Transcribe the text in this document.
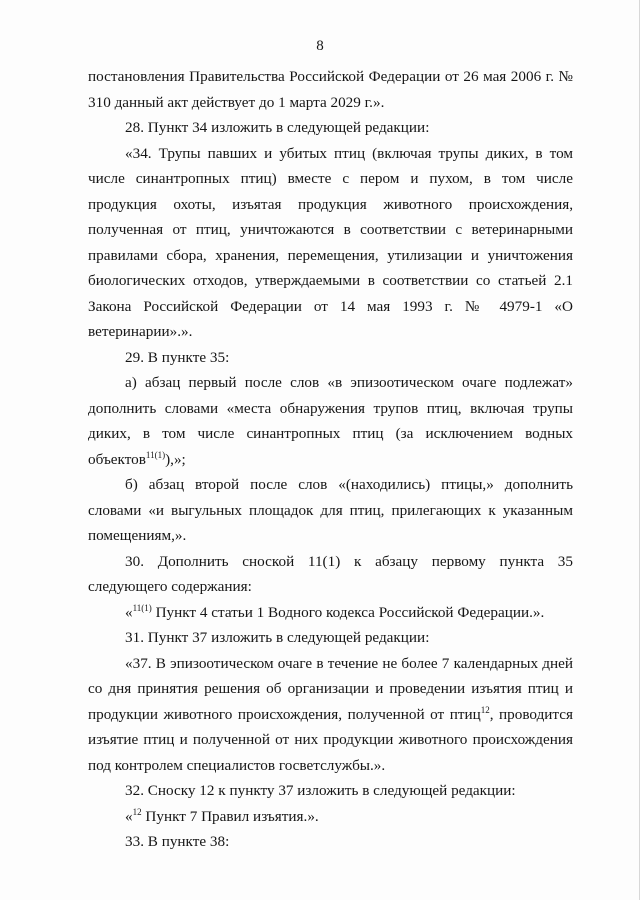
8

постановления Правительства Российской Федерации от 26 мая 2006 г. № 310 данный акт действует до 1 марта 2029 г.».

28. Пункт 34 изложить в следующей редакции:

«34. Трупы павших и убитых птиц (включая трупы диких, в том числе синантропных птиц) вместе с пером и пухом, в том числе продукция охоты, изъятая продукция животного происхождения, полученная от птиц, уничтожаются в соответствии с ветеринарными правилами сбора, хранения, перемещения, утилизации и уничтожения биологических отходов, утверждаемыми в соответствии со статьей 2.1 Закона Российской Федерации от 14 мая 1993 г. № 4979-1 «О ветеринарии».».

29. В пункте 35:

а) абзац первый после слов «в эпизоотическом очаге подлежат» дополнить словами «места обнаружения трупов птиц, включая трупы диких, в том числе синантропных птиц (за исключением водных объектов$^{11(1)}$),»;

б) абзац второй после слов «(находились) птицы,» дополнить словами «и выгульных площадок для птиц, прилегающих к указанным помещениям,».

30. Дополнить сноской 11(1) к абзацу первому пункта 35 следующего содержания:

«$^{11(1)}$ Пункт 4 статьи 1 Водного кодекса Российской Федерации.».

31. Пункт 37 изложить в следующей редакции:

«37. В эпизоотическом очаге в течение не более 7 календарных дней со дня принятия решения об организации и проведении изъятия птиц и продукции животного происхождения, полученной от птиц$^{12}$, проводится изъятие птиц и полученной от них продукции животного происхождения под контролем специалистов госветслужбы.».

32. Сноску 12 к пункту 37 изложить в следующей редакции:

«$^{12}$ Пункт 7 Правил изъятия.».

33. В пункте 38:
